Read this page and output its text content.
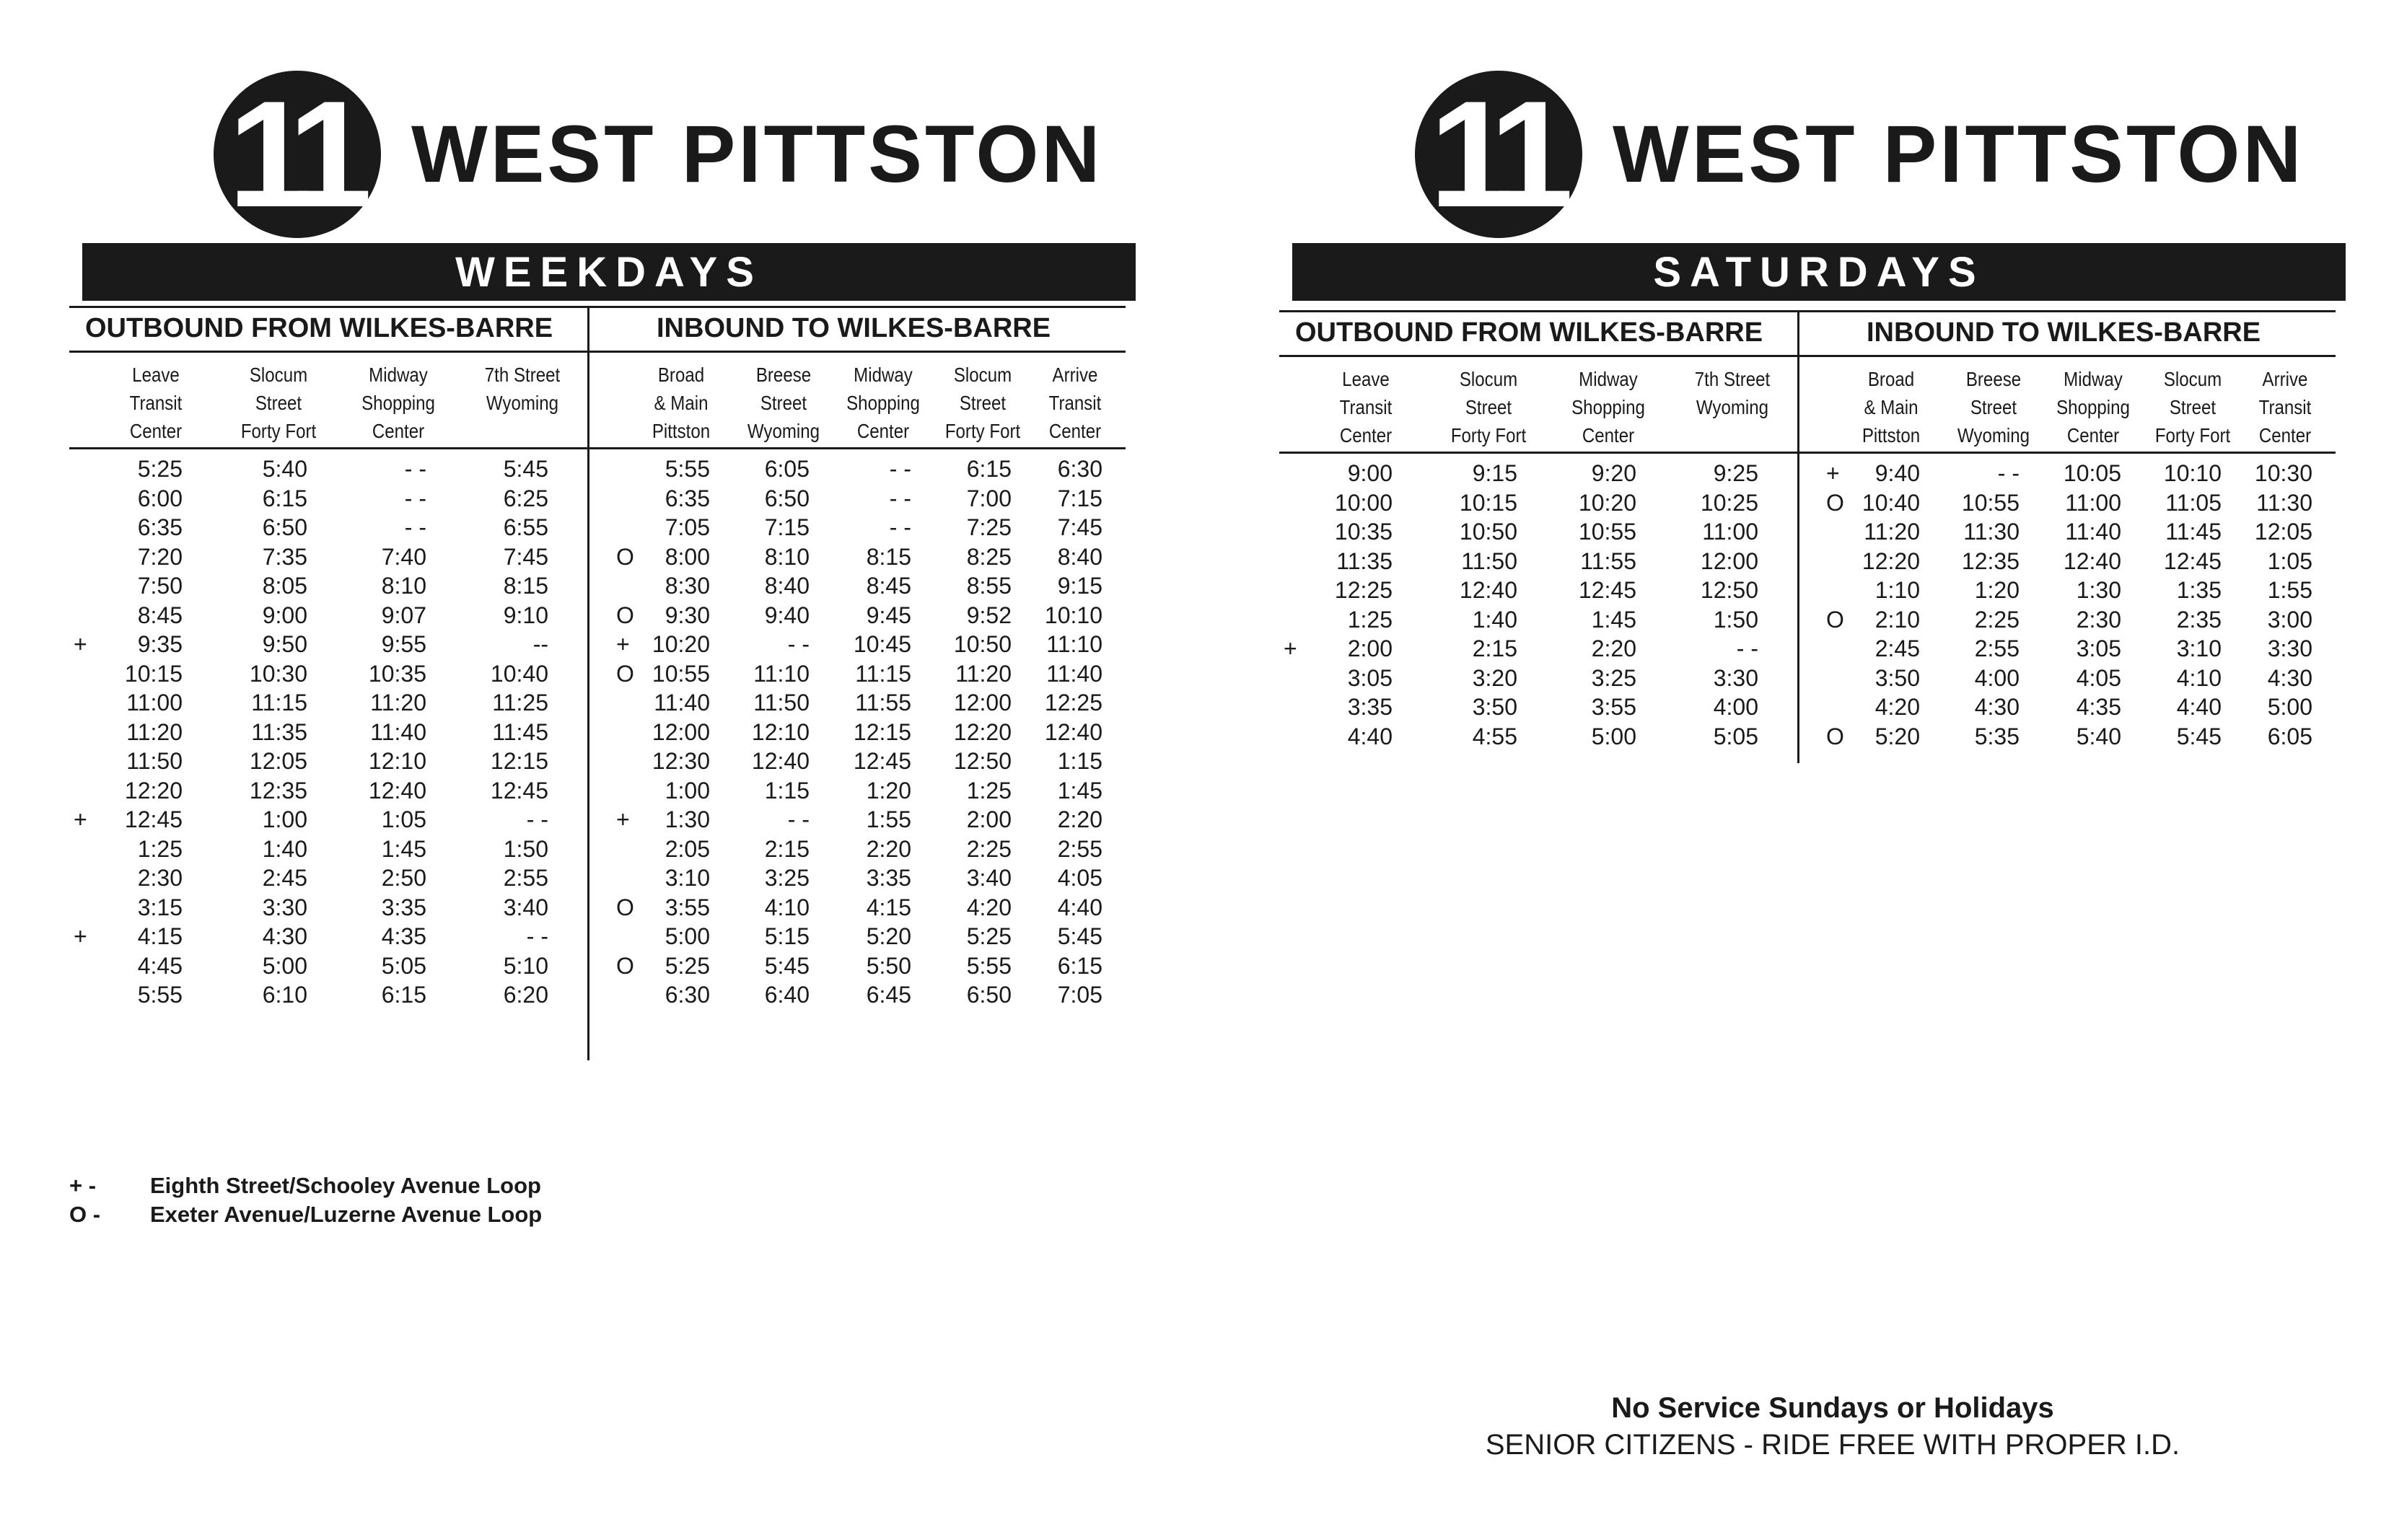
11 WEST PITTSTON
WEEKDAYS
OUTBOUND FROM WILKES-BARRE	INBOUND TO WILKES-BARRE
Leave
Transit
Center
Slocum
Street
Forty Fort
Midway
Shopping
Center
7th Street
Wyoming
Broad
& Main
Pittston
Breese
Street
Wyoming
Midway
Shopping
Center
Slocum
Street
Forty Fort
Arrive
Transit
Center
5:25	5:40	- -	5:45
6:00	6:15	- -	6:25
6:35	6:50	- -	6:55
7:20	7:35	7:40	7:45
7:50	8:05	8:10	8:15
8:45	9:00	9:07	9:10
+	9:35	9:50	9:55	--
10:15	10:30	10:35	10:40
11:00	11:15	11:20	11:25
11:20	11:35	11:40	11:45
11:50	12:05	12:10	12:15
12:20	12:35	12:40	12:45
+	12:45	1:00	1:05	- -
1:25	1:40	1:45	1:50
2:30	2:45	2:50	2:55
3:15	3:30	3:35	3:40
+	4:15	4:30	4:35	- -
4:45	5:00	5:05	5:10
5:55	6:10	6:15	6:20
5:55	6:05	- -	6:15	6:30
6:35	6:50	- -	7:00	7:15
7:05	7:15	- -	7:25	7:45
O	8:00	8:10	8:15	8:25	8:40
8:30	8:40	8:45	8:55	9:15
O	9:30	9:40	9:45	9:52	10:10
+ 10:20	- -	10:45	10:50	11:10
O 10:55	11:10	11:15	11:20	11:40
11:40	11:50	11:55	12:00	12:25
12:00	12:10	12:15	12:20	12:40
12:30	12:40	12:45	12:50	1:15
1:00	1:15	1:20	1:25	1:45
+	1:30	- -	1:55	2:00	2:20
2:05	2:15	2:20	2:25	2:55
3:10	3:25	3:35	3:40	4:05
O	3:55	4:10	4:15	4:20	4:40
5:00	5:15	5:20	5:25	5:45
O	5:25	5:45	5:50	5:55	6:15
6:30	6:40	6:45	6:50	7:05
11 WEST PITTSTON
SATURDAYS
OUTBOUND FROM WILKES-BARRE	INBOUND TO WILKES-BARRE
Leave
Transit
Center
Slocum
Street
Forty Fort
Midway
Shopping
Center
7th Street
Wyoming
Broad
& Main
Pittston
Breese
Street
Wyoming
Midway
Shopping
Center
Slocum
Street
Forty Fort
Arrive
Transit
Center
9:00	9:15	9:20	9:25
10:00	10:15	10:20	10:25
10:35	10:50	10:55	11:00
11:35	11:50	11:55	12:00
12:25	12:40	12:45	12:50
1:25	1:40	1:45	1:50
+	2:00	2:15	2:20	- -
3:05	3:20	3:25	3:30
3:35	3:50	3:55	4:00
4:40	4:55	5:00	5:05
+	9:40	- -	10:05	10:10	10:30
O 10:40	10:55	11:00	11:05	11:30
11:20	11:30	11:40	11:45	12:05
12:20	12:35	12:40	12:45	1:05
1:10	1:20	1:30	1:35	1:55
O	2:10	2:25	2:30	2:35	3:00
2:45	2:55	3:05	3:10	3:30
3:50	4:00	4:05	4:10	4:30
4:20	4:30	4:35	4:40	5:00
O	5:20	5:35	5:40	5:45	6:05
+ -	Eighth Street/Schooley Avenue Loop
O -	Exeter Avenue/Luzerne Avenue Loop
No Service Sundays or Holidays
SENIOR CITIZENS - RIDE FREE WITH PROPER I.D.
